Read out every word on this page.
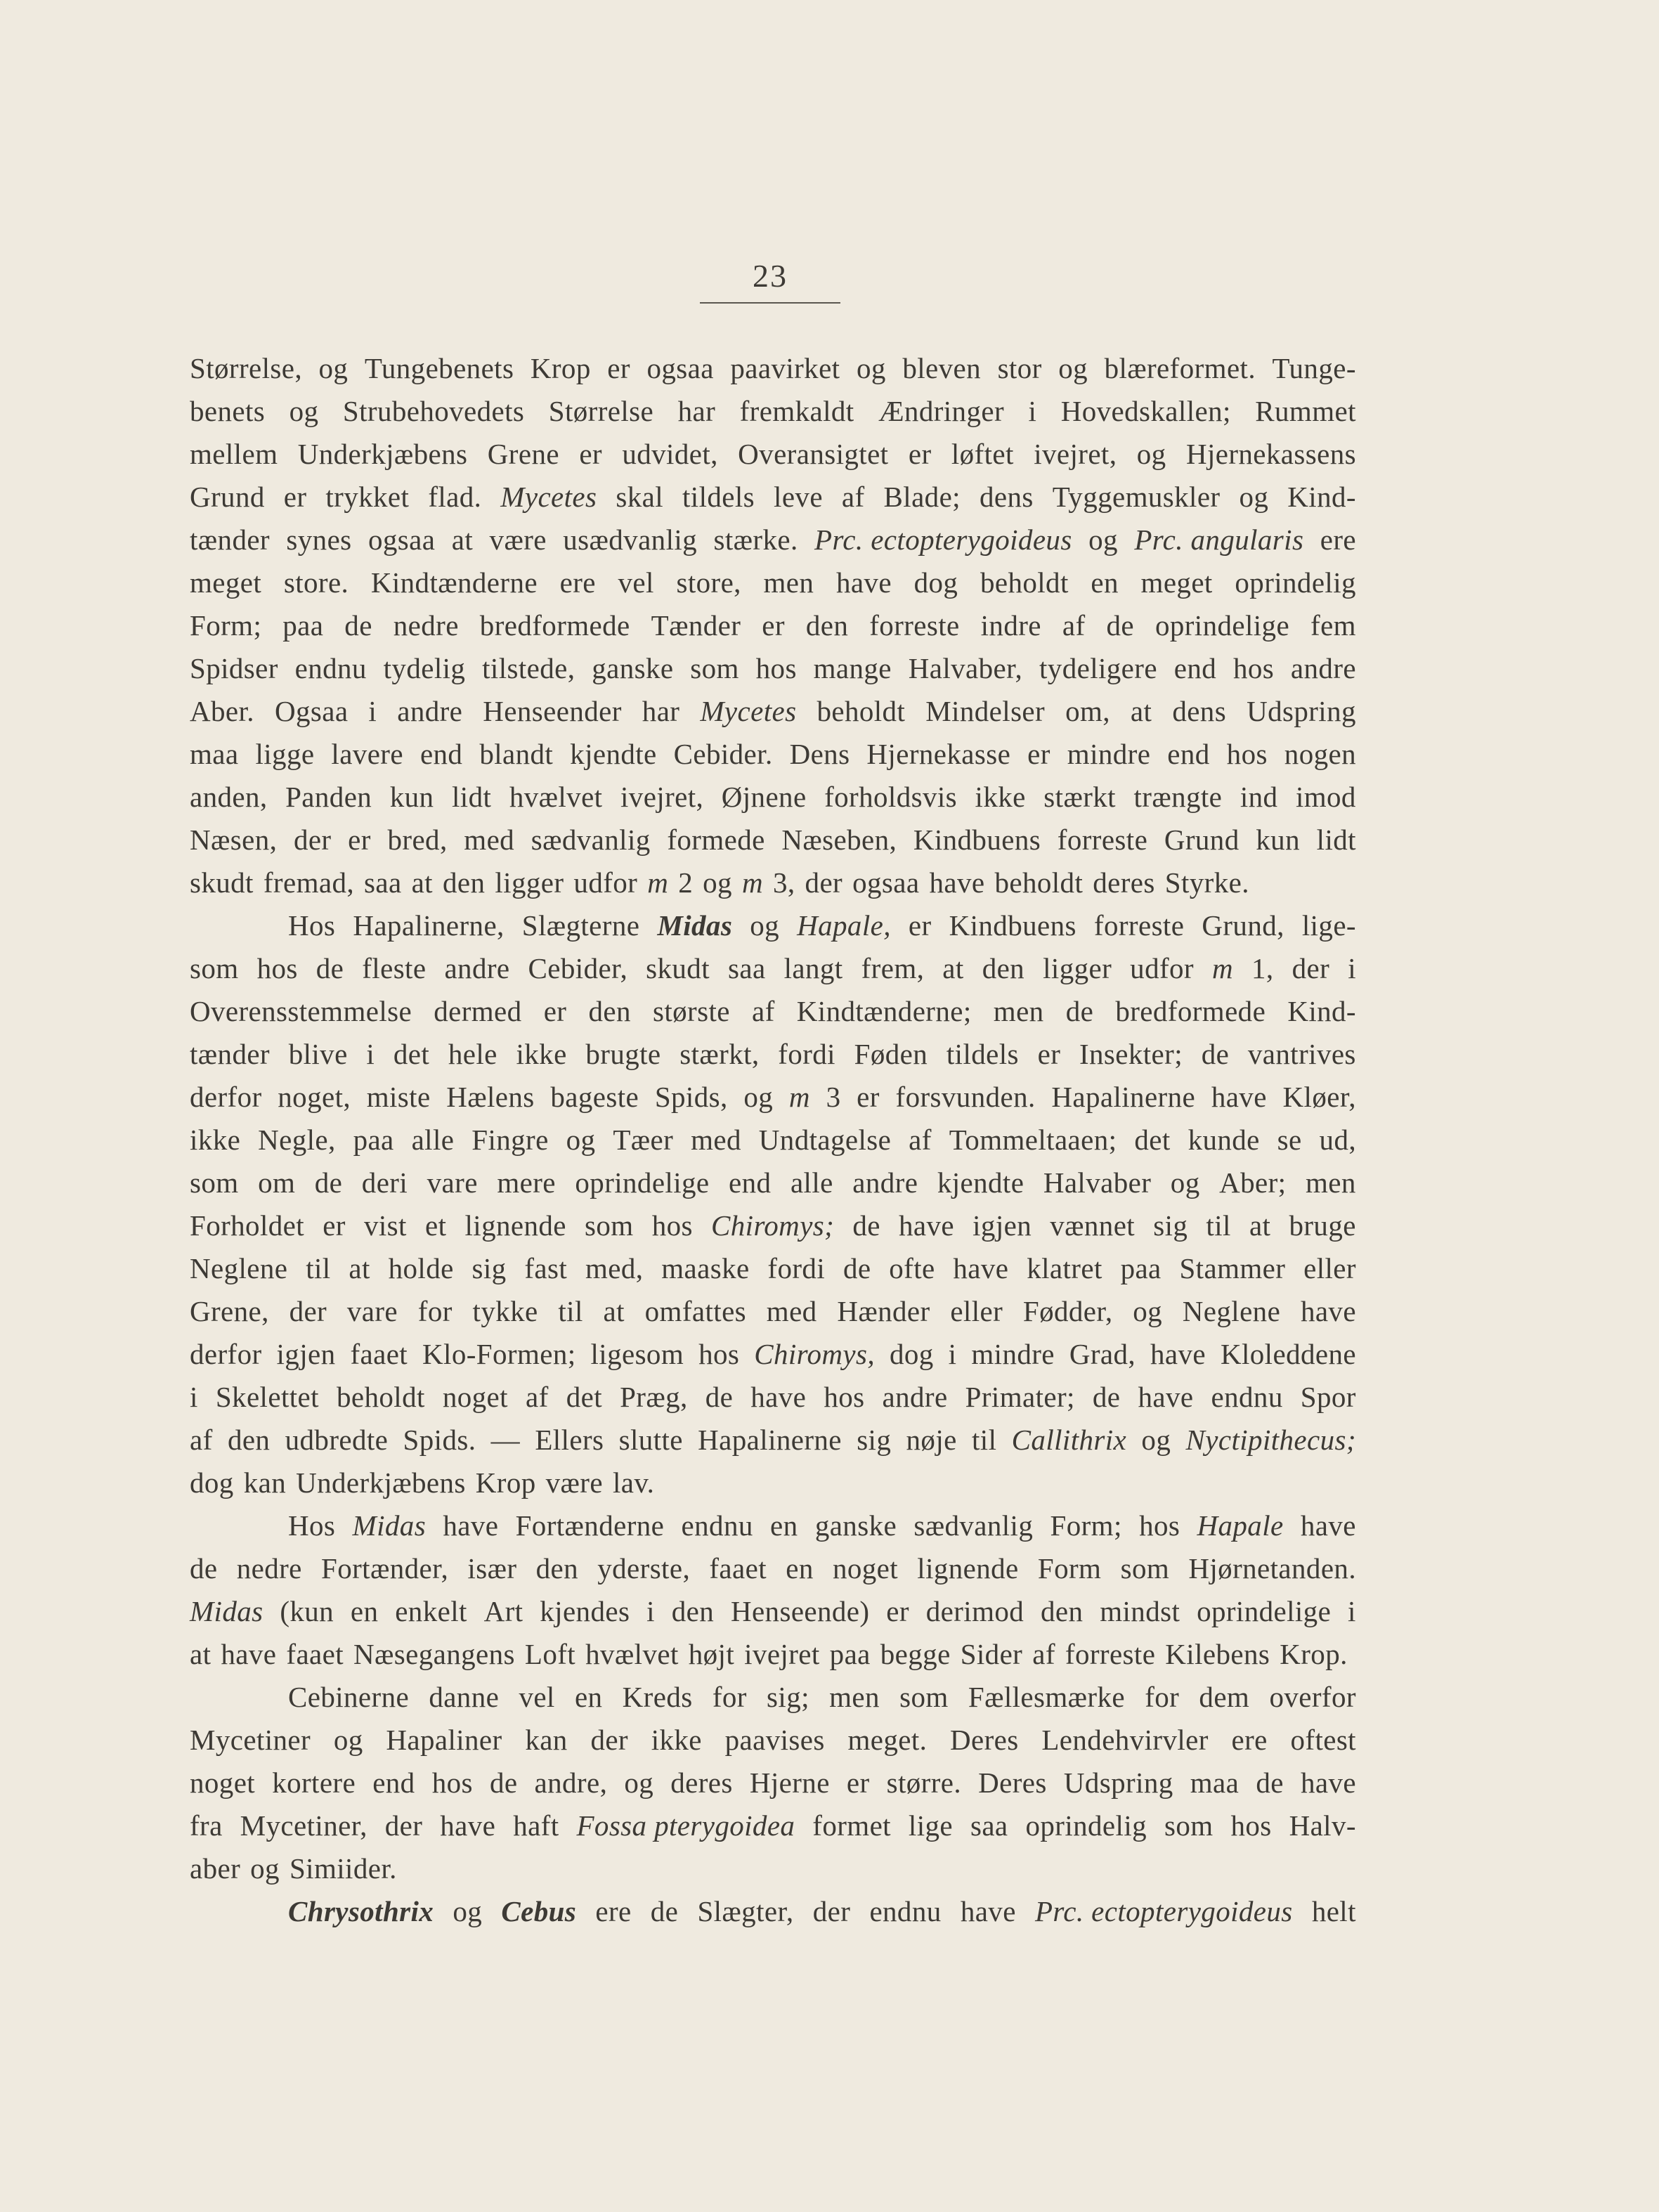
23
Størrelse, og Tungebenets Krop er ogsaa paavirket og bleven stor og blæreformet. Tunge-
benets og Strubehovedets Størrelse har fremkaldt Ændringer i Hovedskallen; Rummet
mellem Underkjæbens Grene er udvidet, Overansigtet er løftet ivejret, og Hjernekassens
Grund er trykket flad. Mycetes skal tildels leve af Blade; dens Tyggemuskler og Kind-
tænder synes ogsaa at være usædvanlig stærke. Prc. ectopterygoideus og Prc. angularis ere
meget store. Kindtænderne ere vel store, men have dog beholdt en meget oprindelig
Form; paa de nedre bredformede Tænder er den forreste indre af de oprindelige fem
Spidser endnu tydelig tilstede, ganske som hos mange Halvaber, tydeligere end hos andre
Aber. Ogsaa i andre Henseender har Mycetes beholdt Mindelser om, at dens Udspring
maa ligge lavere end blandt kjendte Cebider. Dens Hjernekasse er mindre end hos nogen
anden, Panden kun lidt hvælvet ivejret, Øjnene forholdsvis ikke stærkt trængte ind imod
Næsen, der er bred, med sædvanlig formede Næseben, Kindbuens forreste Grund kun lidt
skudt fremad, saa at den ligger udfor m 2 og m 3, der ogsaa have beholdt deres Styrke.
Hos Hapalinerne, Slægterne Midas og Hapale, er Kindbuens forreste Grund, lige-
som hos de fleste andre Cebider, skudt saa langt frem, at den ligger udfor m 1, der i
Overensstemmelse dermed er den største af Kindtænderne; men de bredformede Kind-
tænder blive i det hele ikke brugte stærkt, fordi Føden tildels er Insekter; de vantrives
derfor noget, miste Hælens bageste Spids, og m 3 er forsvunden. Hapalinerne have Kløer,
ikke Negle, paa alle Fingre og Tæer med Undtagelse af Tommeltaaen; det kunde se ud,
som om de deri vare mere oprindelige end alle andre kjendte Halvaber og Aber; men
Forholdet er vist et lignende som hos Chiromys; de have igjen vænnet sig til at bruge
Neglene til at holde sig fast med, maaske fordi de ofte have klatret paa Stammer eller
Grene, der vare for tykke til at omfattes med Hænder eller Fødder, og Neglene have
derfor igjen faaet Klo-Formen; ligesom hos Chiromys, dog i mindre Grad, have Kloleddene
i Skelettet beholdt noget af det Præg, de have hos andre Primater; de have endnu Spor
af den udbredte Spids. — Ellers slutte Hapalinerne sig nøje til Callithrix og Nyctipithecus;
dog kan Underkjæbens Krop være lav.
Hos Midas have Fortænderne endnu en ganske sædvanlig Form; hos Hapale have
de nedre Fortænder, især den yderste, faaet en noget lignende Form som Hjørnetanden.
Midas (kun en enkelt Art kjendes i den Henseende) er derimod den mindst oprindelige i
at have faaet Næsegangens Loft hvælvet højt ivejret paa begge Sider af forreste Kilebens Krop.
Cebinerne danne vel en Kreds for sig; men som Fællesmærke for dem overfor
Mycetiner og Hapaliner kan der ikke paavises meget. Deres Lendehvirvler ere oftest
noget kortere end hos de andre, og deres Hjerne er større. Deres Udspring maa de have
fra Mycetiner, der have haft Fossa pterygoidea formet lige saa oprindelig som hos Halv-
aber og Simiider.
Chrysothrix og Cebus ere de Slægter, der endnu have Prc. ectopterygoideus helt
